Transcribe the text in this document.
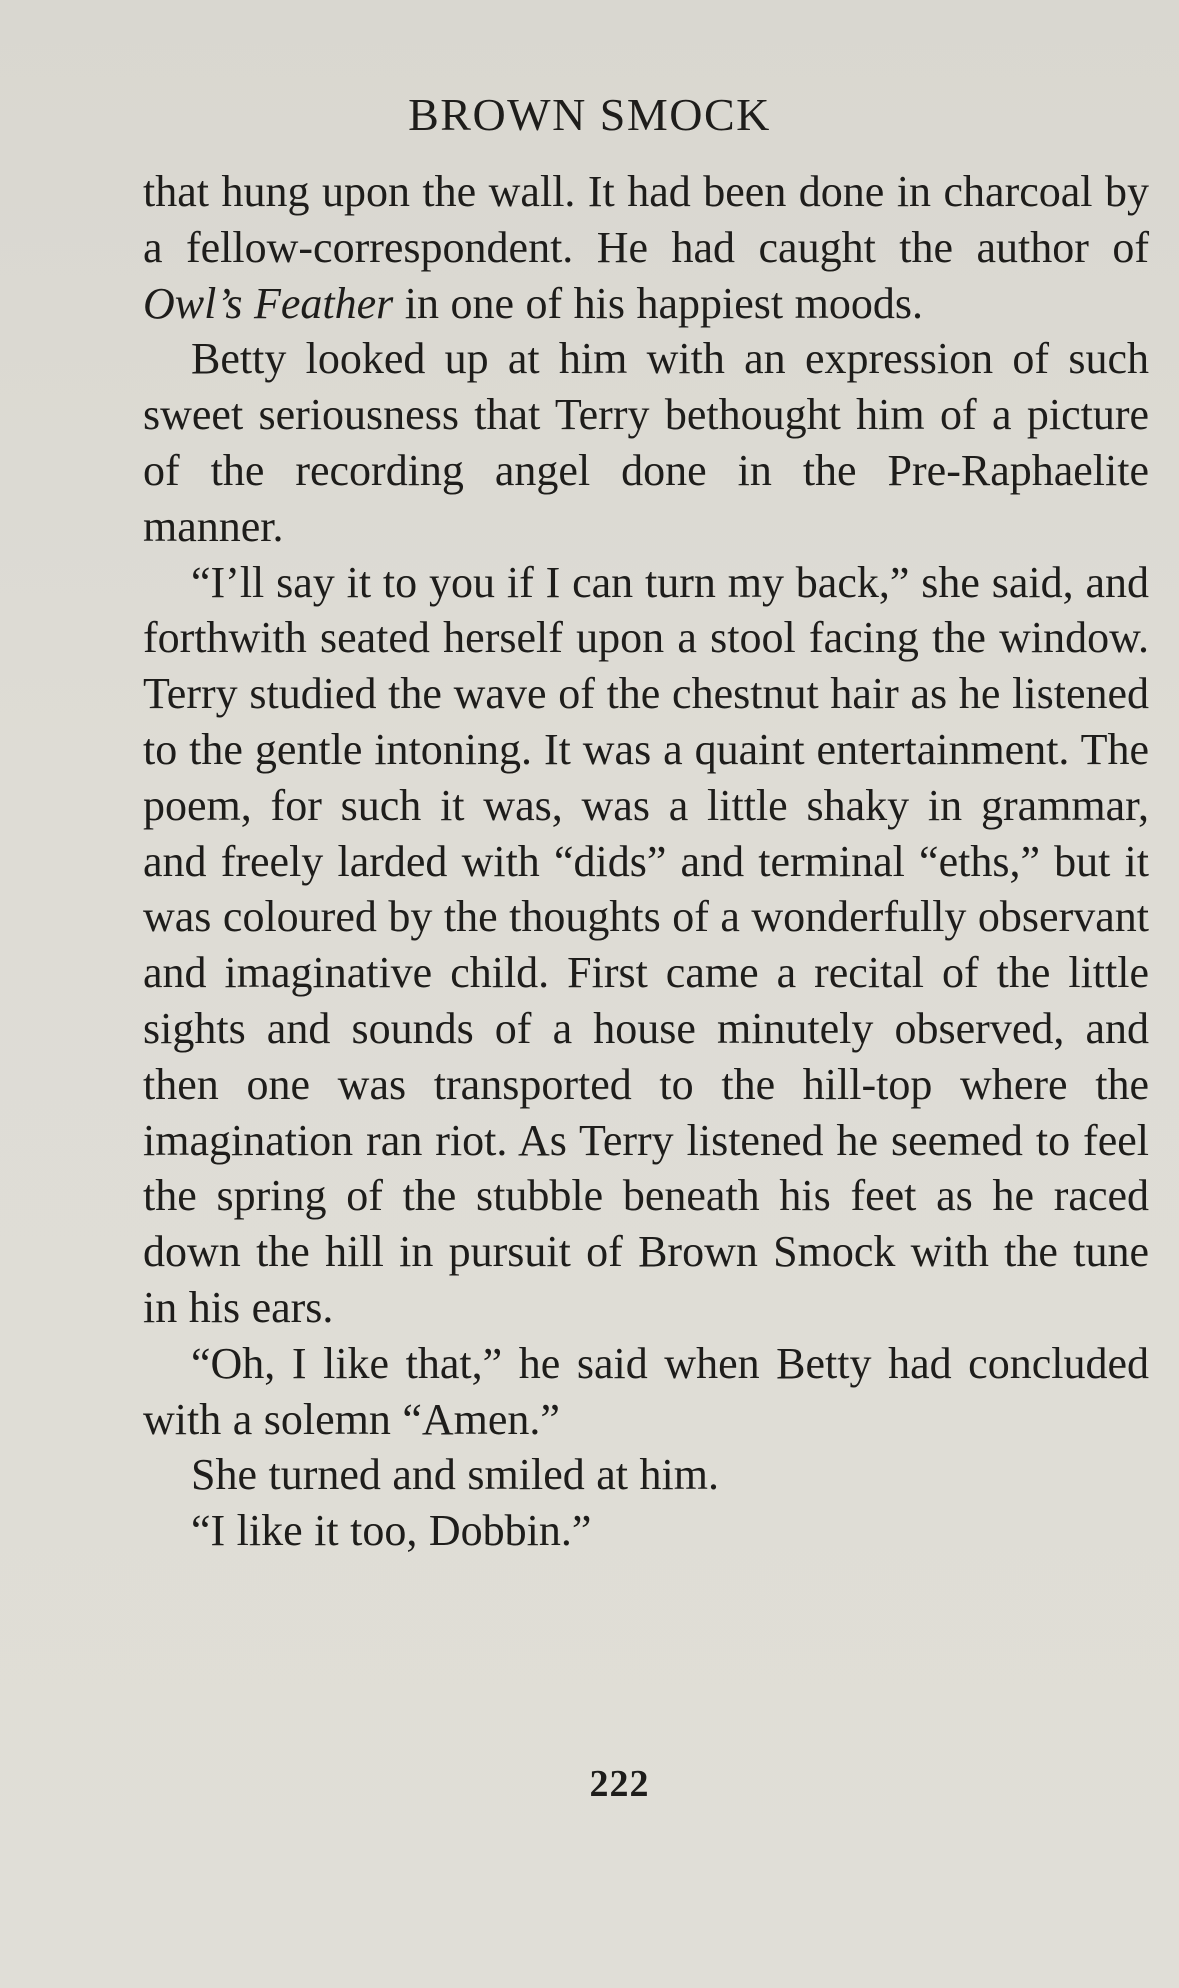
BROWN SMOCK

that hung upon the wall. It had been done in charcoal by a fellow-correspondent. He had caught the author of Owl’s Feather in one of his happiest moods.

Betty looked up at him with an expression of such sweet seriousness that Terry bethought him of a picture of the recording angel done in the Pre-Raphaelite manner.

“I’ll say it to you if I can turn my back,” she said, and forthwith seated herself upon a stool facing the window. Terry studied the wave of the chestnut hair as he listened to the gentle intoning. It was a quaint entertainment. The poem, for such it was, was a little shaky in grammar, and freely larded with “dids” and terminal “eths,” but it was coloured by the thoughts of a wonderfully observant and imaginative child. First came a recital of the little sights and sounds of a house minutely observed, and then one was transported to the hill-top where the imagination ran riot. As Terry listened he seemed to feel the spring of the stubble beneath his feet as he raced down the hill in pursuit of Brown Smock with the tune in his ears.

“Oh, I like that,” he said when Betty had concluded with a solemn “Amen.”

She turned and smiled at him.

“I like it too, Dobbin.”

222
